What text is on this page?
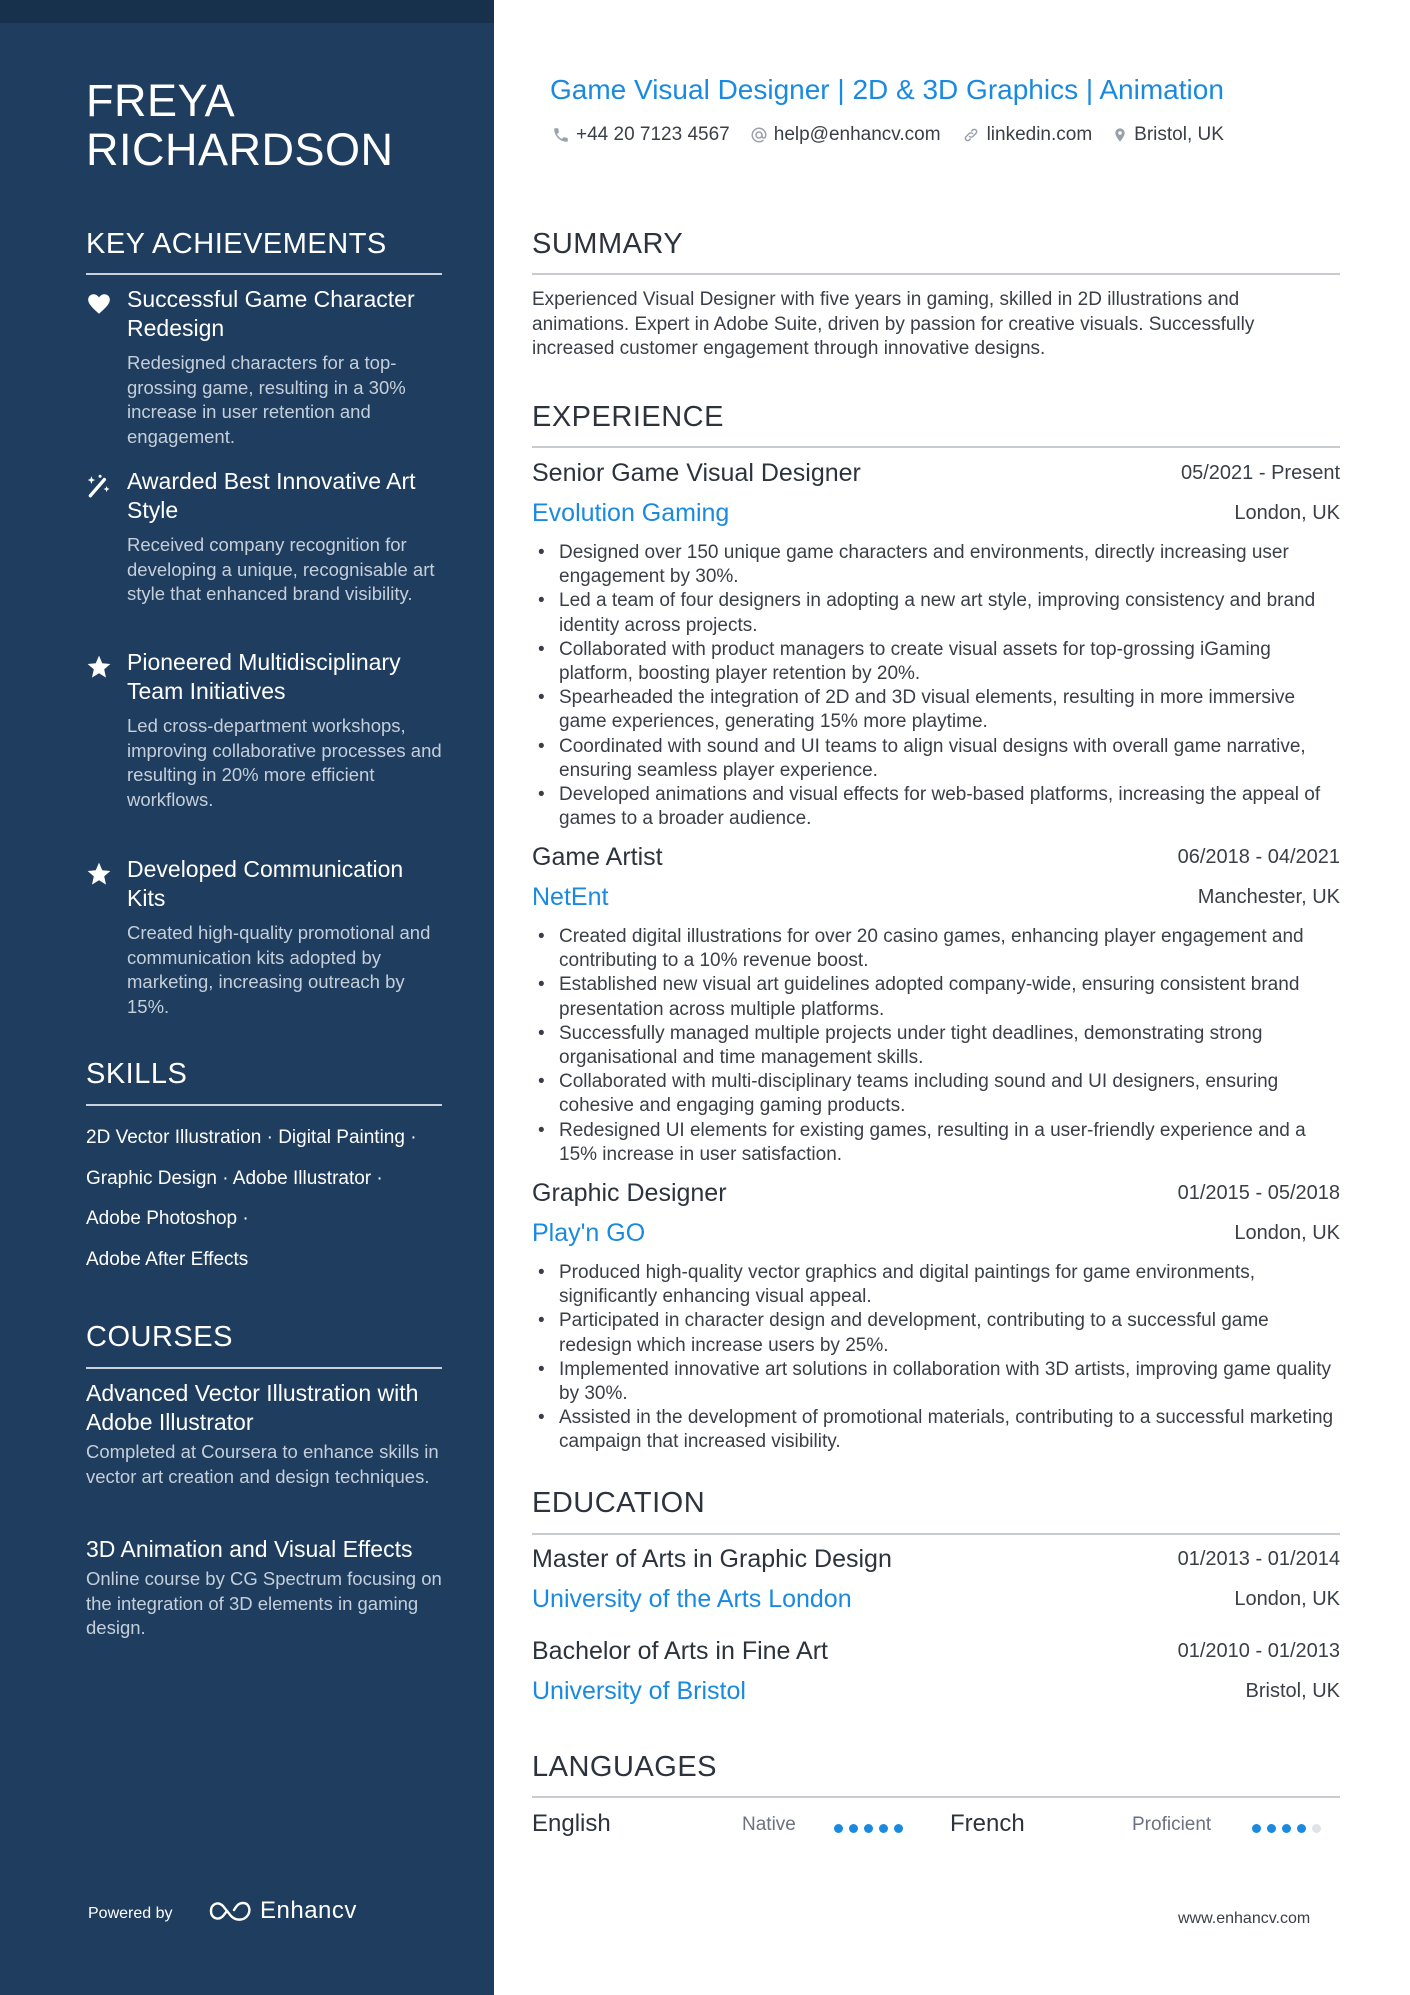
FREYA
RICHARDSON
KEY ACHIEVEMENTS
Successful Game Character Redesign
Redesigned characters for a top-grossing game, resulting in a 30% increase in user retention and engagement.
Awarded Best Innovative Art Style
Received company recognition for developing a unique, recognisable art style that enhanced brand visibility.
Pioneered Multidisciplinary Team Initiatives
Led cross-department workshops, improving collaborative processes and resulting in 20% more efficient workflows.
Developed Communication Kits
Created high-quality promotional and communication kits adopted by marketing, increasing outreach by 15%.
SKILLS
2D Vector Illustration · Digital Painting ·
Graphic Design · Adobe Illustrator ·
Adobe Photoshop ·
Adobe After Effects
COURSES
Advanced Vector Illustration with Adobe Illustrator
Completed at Coursera to enhance skills in vector art creation and design techniques.
3D Animation and Visual Effects
Online course by CG Spectrum focusing on the integration of 3D elements in gaming design.
Powered by	Enhancv
Game Visual Designer | 2D & 3D Graphics | Animation
+44 20 7123 4567 help@enhancv.com linkedin.com Bristol, UK
SUMMARY
Experienced Visual Designer with five years in gaming, skilled in 2D illustrations and animations. Expert in Adobe Suite, driven by passion for creative visuals. Successfully increased customer engagement through innovative designs.
EXPERIENCE
Senior Game Visual Designer	05/2021 - Present
Evolution Gaming	London, UK
• Designed over 150 unique game characters and environments, directly increasing user engagement by 30%.
• Led a team of four designers in adopting a new art style, improving consistency and brand identity across projects.
• Collaborated with product managers to create visual assets for top-grossing iGaming platform, boosting player retention by 20%.
• Spearheaded the integration of 2D and 3D visual elements, resulting in more immersive game experiences, generating 15% more playtime.
• Coordinated with sound and UI teams to align visual designs with overall game narrative, ensuring seamless player experience.
• Developed animations and visual effects for web-based platforms, increasing the appeal of games to a broader audience.
Game Artist	06/2018 - 04/2021
NetEnt	Manchester, UK
• Created digital illustrations for over 20 casino games, enhancing player engagement and contributing to a 10% revenue boost.
• Established new visual art guidelines adopted company-wide, ensuring consistent brand presentation across multiple platforms.
• Successfully managed multiple projects under tight deadlines, demonstrating strong organisational and time management skills.
• Collaborated with multi-disciplinary teams including sound and UI designers, ensuring cohesive and engaging gaming products.
• Redesigned UI elements for existing games, resulting in a user-friendly experience and a 15% increase in user satisfaction.
Graphic Designer	01/2015 - 05/2018
Play'n GO	London, UK
• Produced high-quality vector graphics and digital paintings for game environments, significantly enhancing visual appeal.
• Participated in character design and development, contributing to a successful game redesign which increase users by 25%.
• Implemented innovative art solutions in collaboration with 3D artists, improving game quality by 30%.
• Assisted in the development of promotional materials, contributing to a successful marketing campaign that increased visibility.
EDUCATION
Master of Arts in Graphic Design	01/2013 - 01/2014
University of the Arts London	London, UK
Bachelor of Arts in Fine Art	01/2010 - 01/2013
University of Bristol	Bristol, UK
LANGUAGES
English	Native	French	Proficient
www.enhancv.com
